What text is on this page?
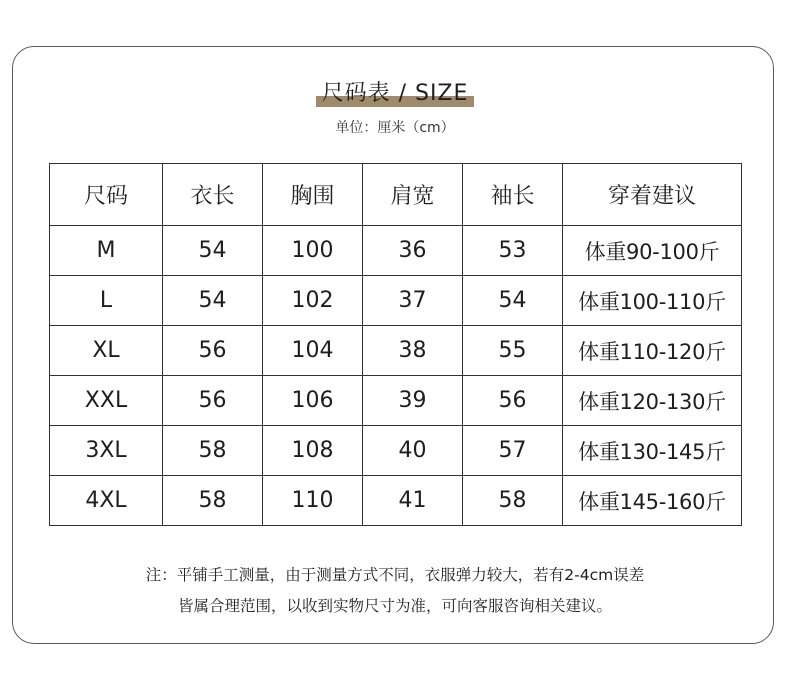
尺码表 / SIZE
单位：厘米（cm）
尺码	衣长	胸围	肩宽	袖长	穿着建议
M	54	100	36	53	体重90-100斤
L	54	102	37	54	体重100-110斤
XL	56	104	38	55	体重110-120斤
XXL	56	106	39	56	体重120-130斤
3XL	58	108	40	57	体重130-145斤
4XL	58	110	41	58	体重145-160斤
注：平铺手工测量，由于测量方式不同，衣服弹力较大，若有2-4cm误差
皆属合理范围，以收到实物尺寸为准，可向客服咨询相关建议。
